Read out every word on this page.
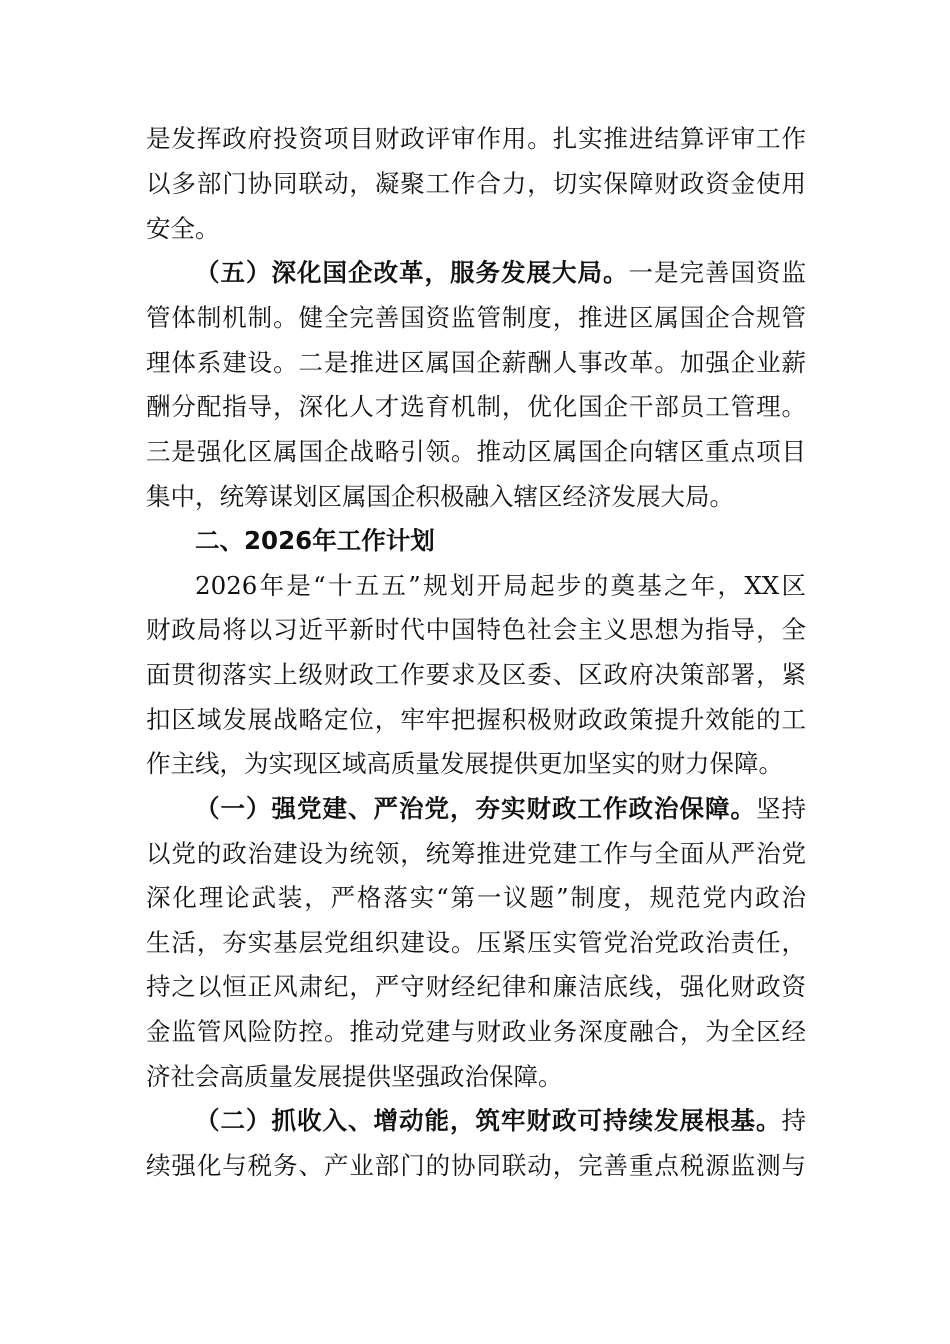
是发挥政府投资项目财政评审作用。扎实推进结算评审工作
以多部门协同联动，凝聚工作合力，切实保障财政资金使用
安全。
（五）深化国企改革，服务发展大局。一是完善国资监
管体制机制。健全完善国资监管制度，推进区属国企合规管
理体系建设。二是推进区属国企薪酬人事改革。加强企业薪
酬分配指导，深化人才选育机制，优化国企干部员工管理。
三是强化区属国企战略引领。推动区属国企向辖区重点项目
集中，统筹谋划区属国企积极融入辖区经济发展大局。
二、2026年工作计划
2026年是“十五五”规划开局起步的奠基之年，XX区
财政局将以习近平新时代中国特色社会主义思想为指导，全
面贯彻落实上级财政工作要求及区委、区政府决策部署，紧
扣区域发展战略定位，牢牢把握积极财政政策提升效能的工
作主线，为实现区域高质量发展提供更加坚实的财力保障。
（一）强党建、严治党，夯实财政工作政治保障。坚持
以党的政治建设为统领，统筹推进党建工作与全面从严治党
深化理论武装，严格落实“第一议题”制度，规范党内政治
生活，夯实基层党组织建设。压紧压实管党治党政治责任，
持之以恒正风肃纪，严守财经纪律和廉洁底线，强化财政资
金监管风险防控。推动党建与财政业务深度融合，为全区经
济社会高质量发展提供坚强政治保障。
（二）抓收入、增动能，筑牢财政可持续发展根基。持
续强化与税务、产业部门的协同联动，完善重点税源监测与
